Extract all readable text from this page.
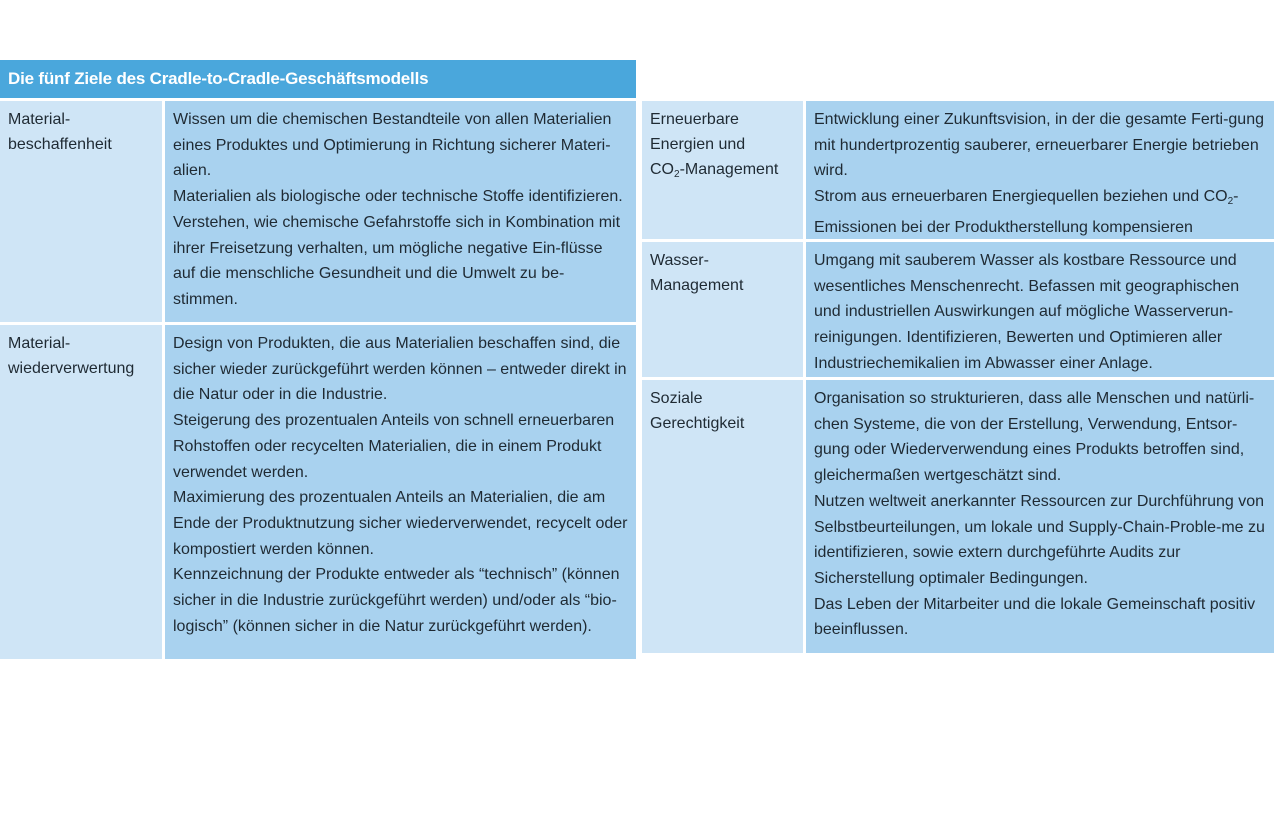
Die fünf Ziele des Cradle-to-Cradle-Geschäftsmodells
Material-
beschaffenheit
Wissen um die chemischen Bestandteile von allen Materialien eines Produktes und Optimierung in Richtung sicherer Materi-alien.
Materialien als biologische oder technische Stoffe identifizieren. Verstehen, wie chemische Gefahrstoffe sich in Kombination mit ihrer Freisetzung verhalten, um mögliche negative Ein-flüsse auf die menschliche Gesundheit und die Umwelt zu be-stimmen.
Material-
wiederverwertung
Design von Produkten, die aus Materialien beschaffen sind, die sicher wieder zurückgeführt werden können – entweder direkt in die Natur oder in die Industrie.
Steigerung des prozentualen Anteils von schnell erneuerbaren Rohstoffen oder recycelten Materialien, die in einem Produkt verwendet werden.
Maximierung des prozentualen Anteils an Materialien, die am Ende der Produktnutzung sicher wiederverwendet, recycelt oder kompostiert werden können.
Kennzeichnung der Produkte entweder als “technisch” (können sicher in die Industrie zurückgeführt werden) und/oder als “bio-logisch” (können sicher in die Natur zurückgeführt werden).
Erneuerbare
Energien und
$CO_2$-Management
Entwicklung einer Zukunftsvision, in der die gesamte Ferti-gung mit hundertprozentig sauberer, erneuerbarer Energie betrieben wird.
Strom aus erneuerbaren Energiequellen beziehen und $CO_2$-Emissionen bei der Produktherstellung kompensieren
Wasser-
Management
Umgang mit sauberem Wasser als kostbare Ressource und wesentliches Menschenrecht. Befassen mit geographischen und industriellen Auswirkungen auf mögliche Wasserverun-reinigungen. Identifizieren, Bewerten und Optimieren aller Industriechemikalien im Abwasser einer Anlage.
Soziale
Gerechtigkeit
Organisation so strukturieren, dass alle Menschen und natürli-chen Systeme, die von der Erstellung, Verwendung, Entsor-gung oder Wiederverwendung eines Produkts betroffen sind, gleichermaßen wertgeschätzt sind.
Nutzen weltweit anerkannter Ressourcen zur Durchführung von Selbstbeurteilungen, um lokale und Supply-Chain-Proble-me zu identifizieren, sowie extern durchgeführte Audits zur Sicherstellung optimaler Bedingungen.
Das Leben der Mitarbeiter und die lokale Gemeinschaft positiv beeinflussen.
